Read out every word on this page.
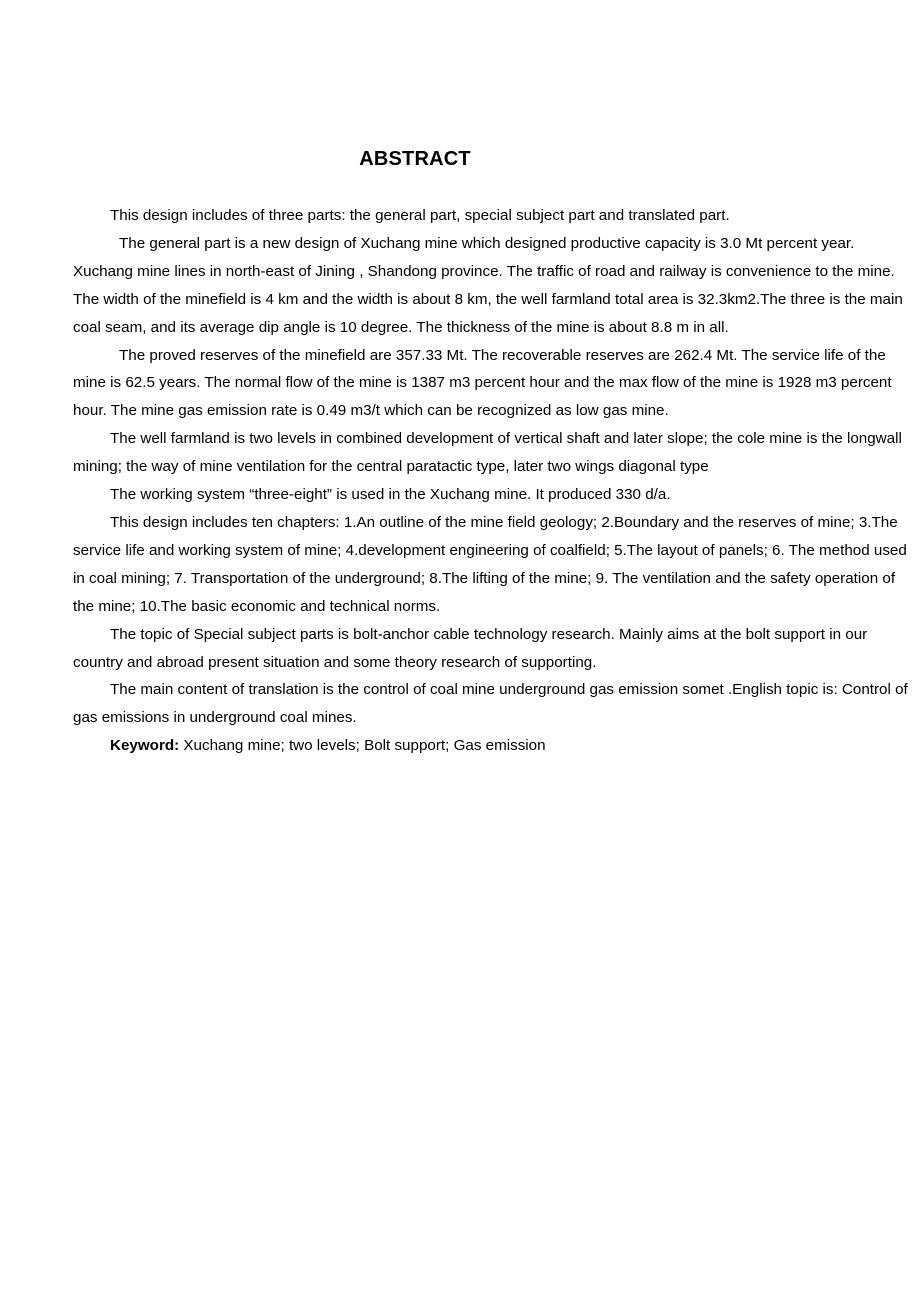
ABSTRACT

This design includes of three parts: the general part, special subject part and translated part.

The general part is a new design of Xuchang mine which designed productive capacity is 3.0 Mt percent year. Xuchang mine lines in north-east of Jining , Shandong province. The traffic of road and railway is convenience to the mine. The width of the minefield is 4 km and the width is about 8 km, the well farmland total area is 32.3km2.The three is the main coal seam, and its average dip angle is 10 degree. The thickness of the mine is about 8.8 m in all.

The proved reserves of the minefield are 357.33 Mt. The recoverable reserves are 262.4 Mt. The service life of the mine is 62.5 years. The normal flow of the mine is 1387 m3 percent hour and the max flow of the mine is 1928 m3 percent hour. The mine gas emission rate is 0.49 m3/t which can be recognized as low gas mine.

The well farmland is two levels in combined development of vertical shaft and later slope; the cole mine is the longwall mining; the way of mine ventilation for the central paratactic type, later two wings diagonal type

The working system “three-eight” is used in the Xuchang mine. It produced 330 d/a.

This design includes ten chapters: 1.An outline of the mine field geology; 2.Boundary and the reserves of mine; 3.The service life and working system of mine; 4.development engineering of coalfield; 5.The layout of panels; 6. The method used in coal mining; 7. Transportation of the underground; 8.The lifting of the mine; 9. The ventilation and the safety operation of the mine; 10.The basic economic and technical norms.

The topic of Special subject parts is bolt-anchor cable technology research. Mainly aims at the bolt support in our country and abroad present situation and some theory research of supporting.

The main content of translation is the control of coal mine underground gas emission somet .English topic is: Control of gas emissions in underground coal mines.

Keyword: Xuchang mine; two levels; Bolt support; Gas emission
